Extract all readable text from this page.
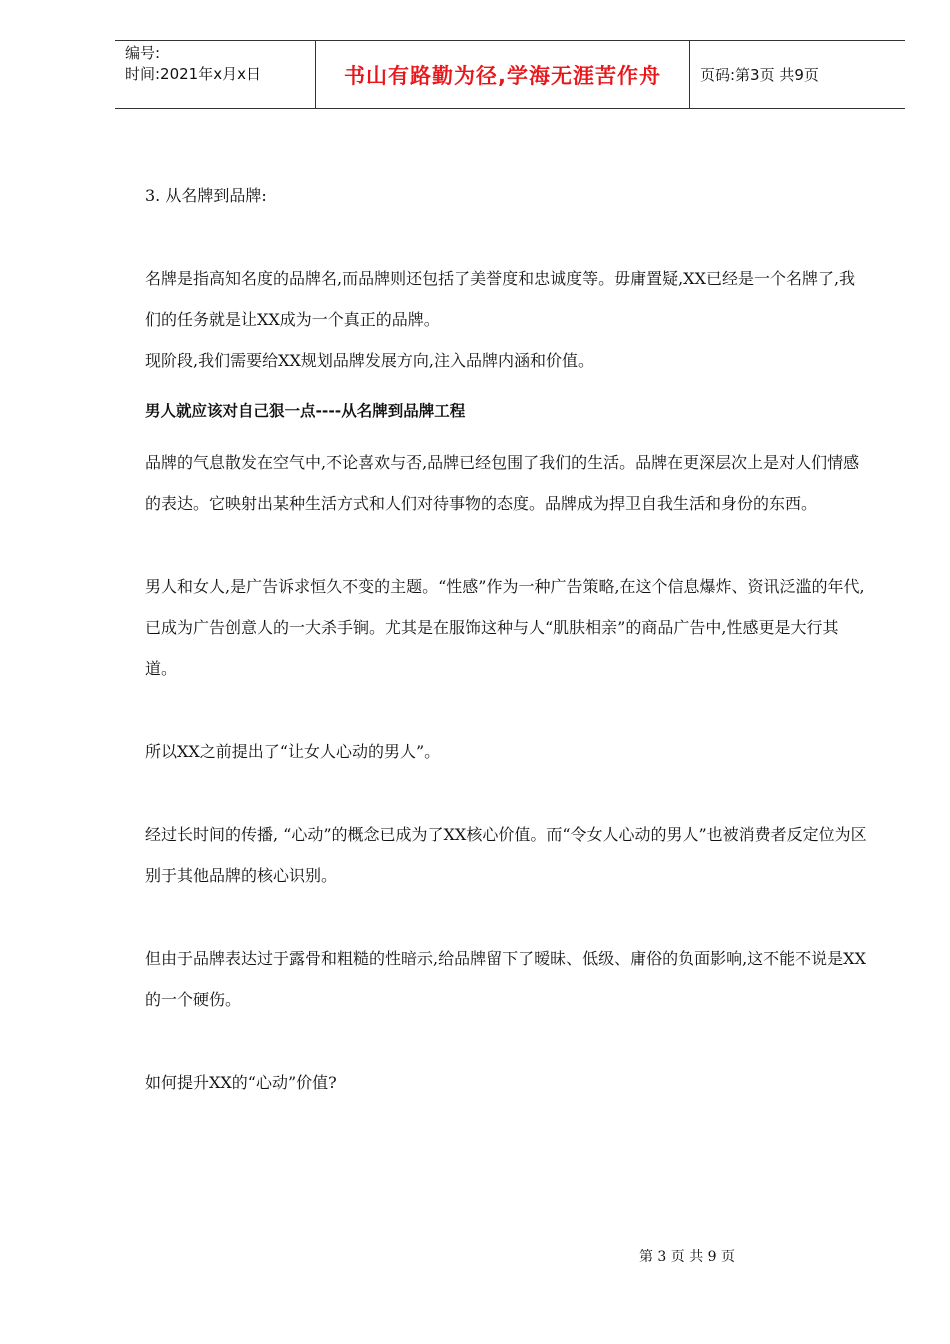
编号:
时间:2021年x月x日	书山有路勤为径,学海无涯苦作舟	页码:第3页 共9页

3. 从名牌到品牌:

名牌是指高知名度的品牌名,而品牌则还包括了美誉度和忠诚度等。毋庸置疑,XX已经是一个名牌了,我们的任务就是让XX成为一个真正的品牌。

现阶段,我们需要给XX规划品牌发展方向,注入品牌内涵和价值。

男人就应该对自己狠一点----从名牌到品牌工程

品牌的气息散发在空气中,不论喜欢与否,品牌已经包围了我们的生活。品牌在更深层次上是对人们情感的表达。它映射出某种生活方式和人们对待事物的态度。品牌成为捍卫自我生活和身份的东西。

男人和女人,是广告诉求恒久不变的主题。“性感”作为一种广告策略,在这个信息爆炸、资讯泛滥的年代,已成为广告创意人的一大杀手锏。尤其是在服饰这种与人“肌肤相亲”的商品广告中,性感更是大行其道。

所以XX之前提出了“让女人心动的男人”。

经过长时间的传播, “心动”的概念已成为了XX核心价值。而“令女人心动的男人”也被消费者反定位为区别于其他品牌的核心识别。

但由于品牌表达过于露骨和粗糙的性暗示,给品牌留下了暧昧、低级、庸俗的负面影响,这不能不说是XX的一个硬伤。

如何提升XX的“心动”价值?

第 3 页 共 9 页
